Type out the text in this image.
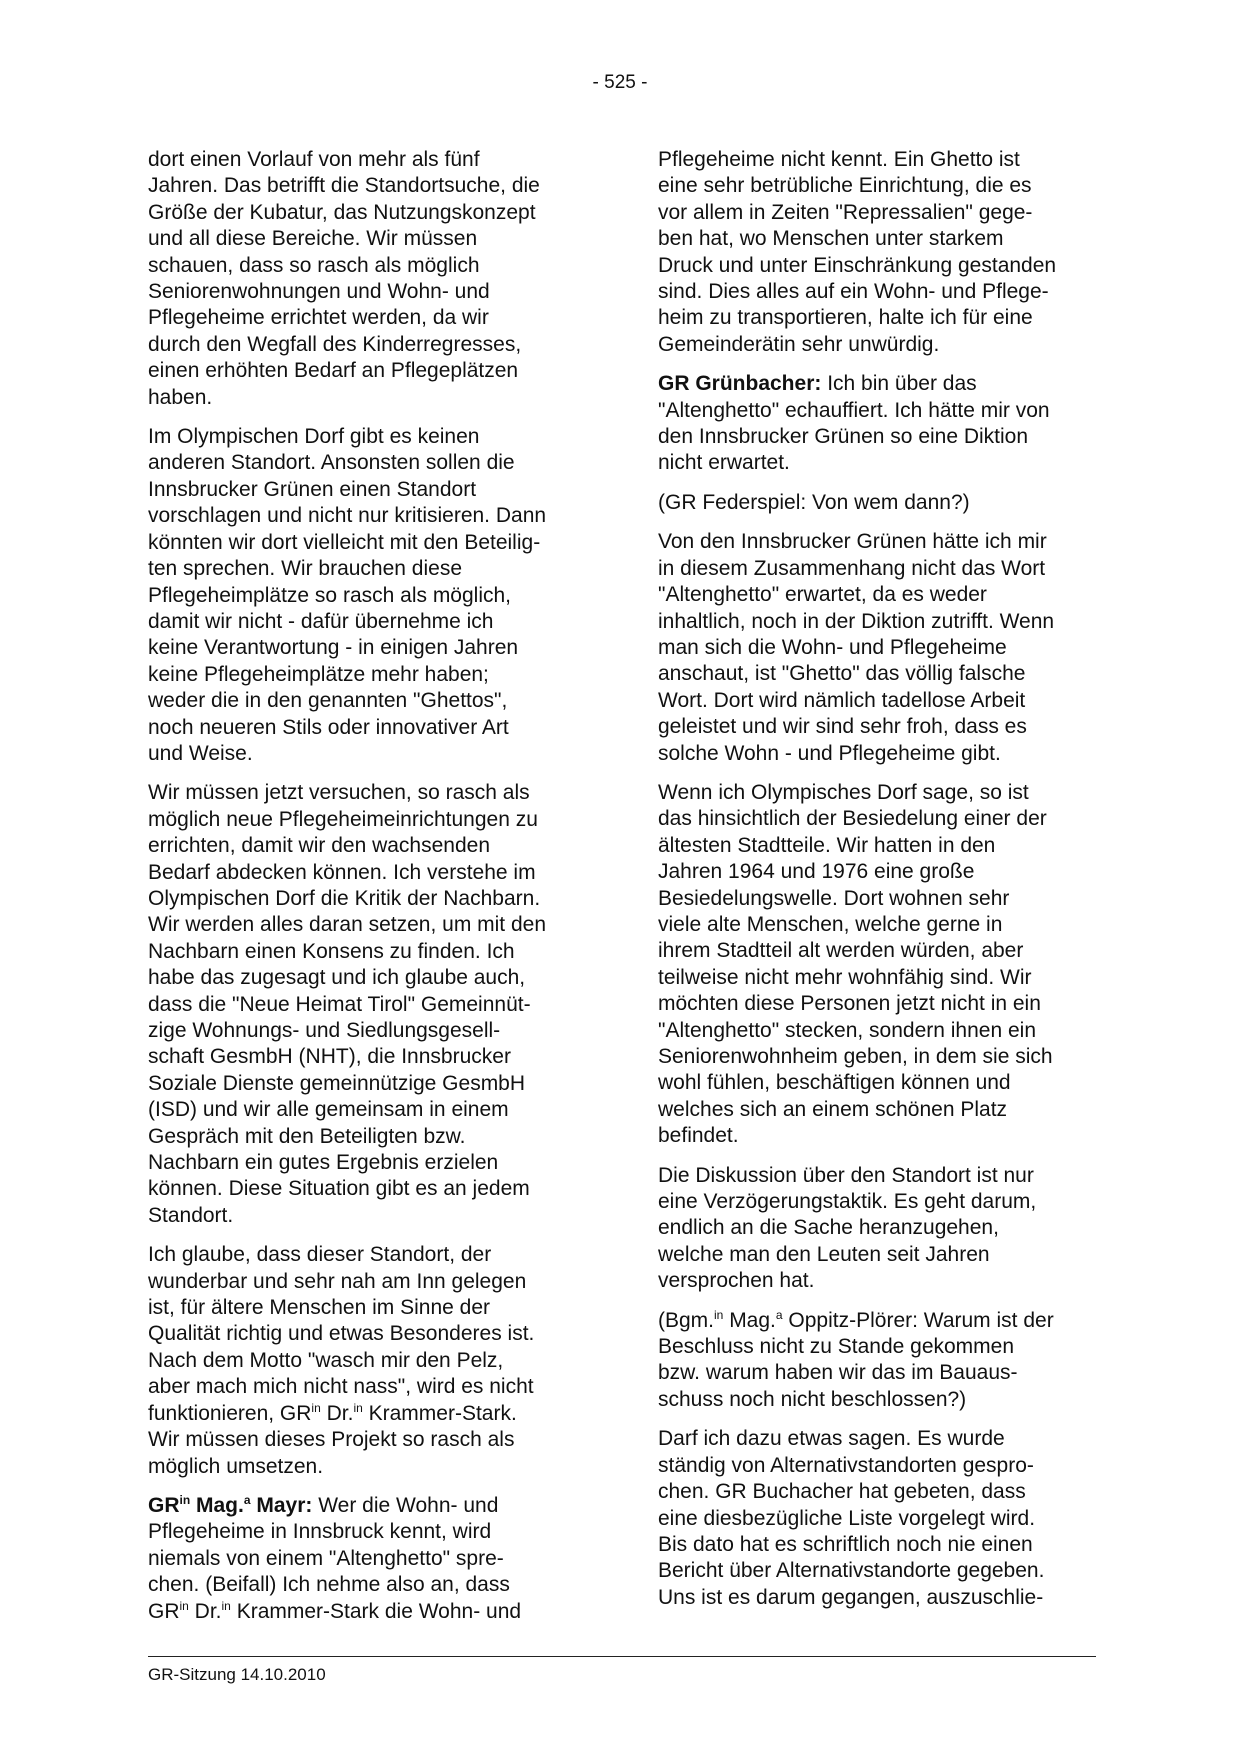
- 525 -

dort einen Vorlauf von mehr als fünf
Jahren. Das betrifft die Standortsuche, die
Größe der Kubatur, das Nutzungskonzept
und all diese Bereiche. Wir müssen
schauen, dass so rasch als möglich
Seniorenwohnungen und Wohn- und
Pflegeheime errichtet werden, da wir
durch den Wegfall des Kinderregresses,
einen erhöhten Bedarf an Pflegeplätzen
haben.

Im Olympischen Dorf gibt es keinen
anderen Standort. Ansonsten sollen die
Innsbrucker Grünen einen Standort
vorschlagen und nicht nur kritisieren. Dann
könnten wir dort vielleicht mit den Beteilig-
ten sprechen. Wir brauchen diese
Pflegeheimplätze so rasch als möglich,
damit wir nicht - dafür übernehme ich
keine Verantwortung - in einigen Jahren
keine Pflegeheimplätze mehr haben;
weder die in den genannten "Ghettos",
noch neueren Stils oder innovativer Art
und Weise.

Wir müssen jetzt versuchen, so rasch als
möglich neue Pflegeheimeinrichtungen zu
errichten, damit wir den wachsenden
Bedarf abdecken können. Ich verstehe im
Olympischen Dorf die Kritik der Nachbarn.
Wir werden alles daran setzen, um mit den
Nachbarn einen Konsens zu finden. Ich
habe das zugesagt und ich glaube auch,
dass die "Neue Heimat Tirol" Gemeinnüt-
zige Wohnungs- und Siedlungsgesell-
schaft GesmbH (NHT), die Innsbrucker
Soziale Dienste gemeinnützige GesmbH
(ISD) und wir alle gemeinsam in einem
Gespräch mit den Beteiligten bzw.
Nachbarn ein gutes Ergebnis erzielen
können. Diese Situation gibt es an jedem
Standort.

Ich glaube, dass dieser Standort, der
wunderbar und sehr nah am Inn gelegen
ist, für ältere Menschen im Sinne der
Qualität richtig und etwas Besonderes ist.
Nach dem Motto "wasch mir den Pelz,
aber mach mich nicht nass", wird es nicht
funktionieren, $GR^{in}$ Dr.$^{in}$ Krammer-Stark.
Wir müssen dieses Projekt so rasch als
möglich umsetzen.

$GR^{in}$ Mag.$^a$ Mayr: Wer die Wohn- und
Pflegeheime in Innsbruck kennt, wird
niemals von einem "Altenghetto" spre-
chen. (Beifall) Ich nehme also an, dass
$GR^{in}$ Dr.$^{in}$ Krammer-Stark die Wohn- und

Pflegeheime nicht kennt. Ein Ghetto ist
eine sehr betrübliche Einrichtung, die es
vor allem in Zeiten "Repressalien" gege-
ben hat, wo Menschen unter starkem
Druck und unter Einschränkung gestanden
sind. Dies alles auf ein Wohn- und Pflege-
heim zu transportieren, halte ich für eine
Gemeinderätin sehr unwürdig.

GR Grünbacher: Ich bin über das
"Altenghetto" echauffiert. Ich hätte mir von
den Innsbrucker Grünen so eine Diktion
nicht erwartet.

(GR Federspiel: Von wem dann?)

Von den Innsbrucker Grünen hätte ich mir
in diesem Zusammenhang nicht das Wort
"Altenghetto" erwartet, da es weder
inhaltlich, noch in der Diktion zutrifft. Wenn
man sich die Wohn- und Pflegeheime
anschaut, ist "Ghetto" das völlig falsche
Wort. Dort wird nämlich tadellose Arbeit
geleistet und wir sind sehr froh, dass es
solche Wohn - und Pflegeheime gibt.

Wenn ich Olympisches Dorf sage, so ist
das hinsichtlich der Besiedelung einer der
ältesten Stadtteile. Wir hatten in den
Jahren 1964 und 1976 eine große
Besiedelungswelle. Dort wohnen sehr
viele alte Menschen, welche gerne in
ihrem Stadtteil alt werden würden, aber
teilweise nicht mehr wohnfähig sind. Wir
möchten diese Personen jetzt nicht in ein
"Altenghetto" stecken, sondern ihnen ein
Seniorenwohnheim geben, in dem sie sich
wohl fühlen, beschäftigen können und
welches sich an einem schönen Platz
befindet.

Die Diskussion über den Standort ist nur
eine Verzögerungstaktik. Es geht darum,
endlich an die Sache heranzugehen,
welche man den Leuten seit Jahren
versprochen hat.

(Bgm.$^{in}$ Mag.$^a$ Oppitz-Plörer: Warum ist der
Beschluss nicht zu Stande gekommen
bzw. warum haben wir das im Bauaus-
schuss noch nicht beschlossen?)

Darf ich dazu etwas sagen. Es wurde
ständig von Alternativstandorten gespro-
chen. GR Buchacher hat gebeten, dass
eine diesbezügliche Liste vorgelegt wird.
Bis dato hat es schriftlich noch nie einen
Bericht über Alternativstandorte gegeben.
Uns ist es darum gegangen, auszuschlie-

GR-Sitzung 14.10.2010
